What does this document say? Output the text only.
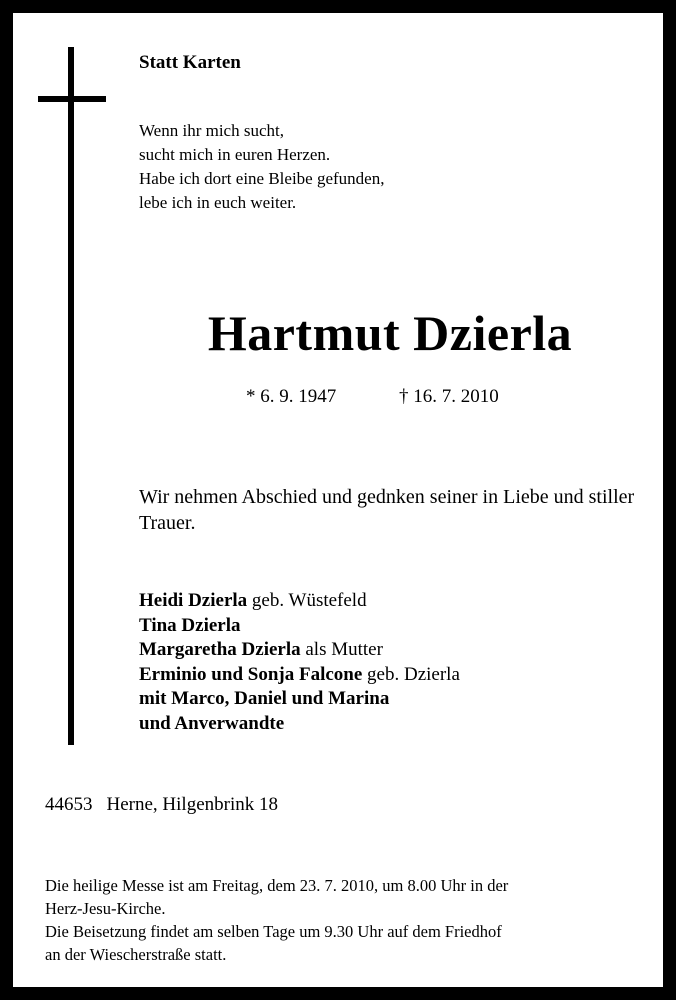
Statt Karten
Wenn ihr mich sucht,
sucht mich in euren Herzen.
Habe ich dort eine Bleibe gefunden,
lebe ich in euch weiter.
Hartmut Dzierla
* 6. 9. 1947	† 16. 7. 2010
Wir nehmen Abschied und gednken seiner in Liebe und stiller Trauer.
Heidi Dzierla geb. Wüstefeld
Tina Dzierla
Margaretha Dzierla als Mutter
Erminio und Sonja Falcone geb. Dzierla
mit Marco, Daniel und Marina
und Anverwandte
44653 Herne, Hilgenbrink 18
Die heilige Messe ist am Freitag, dem 23. 7. 2010, um 8.00 Uhr in der
Herz-Jesu-Kirche.
Die Beisetzung findet am selben Tage um 9.30 Uhr auf dem Friedhof
an der Wiescherstraße statt.
